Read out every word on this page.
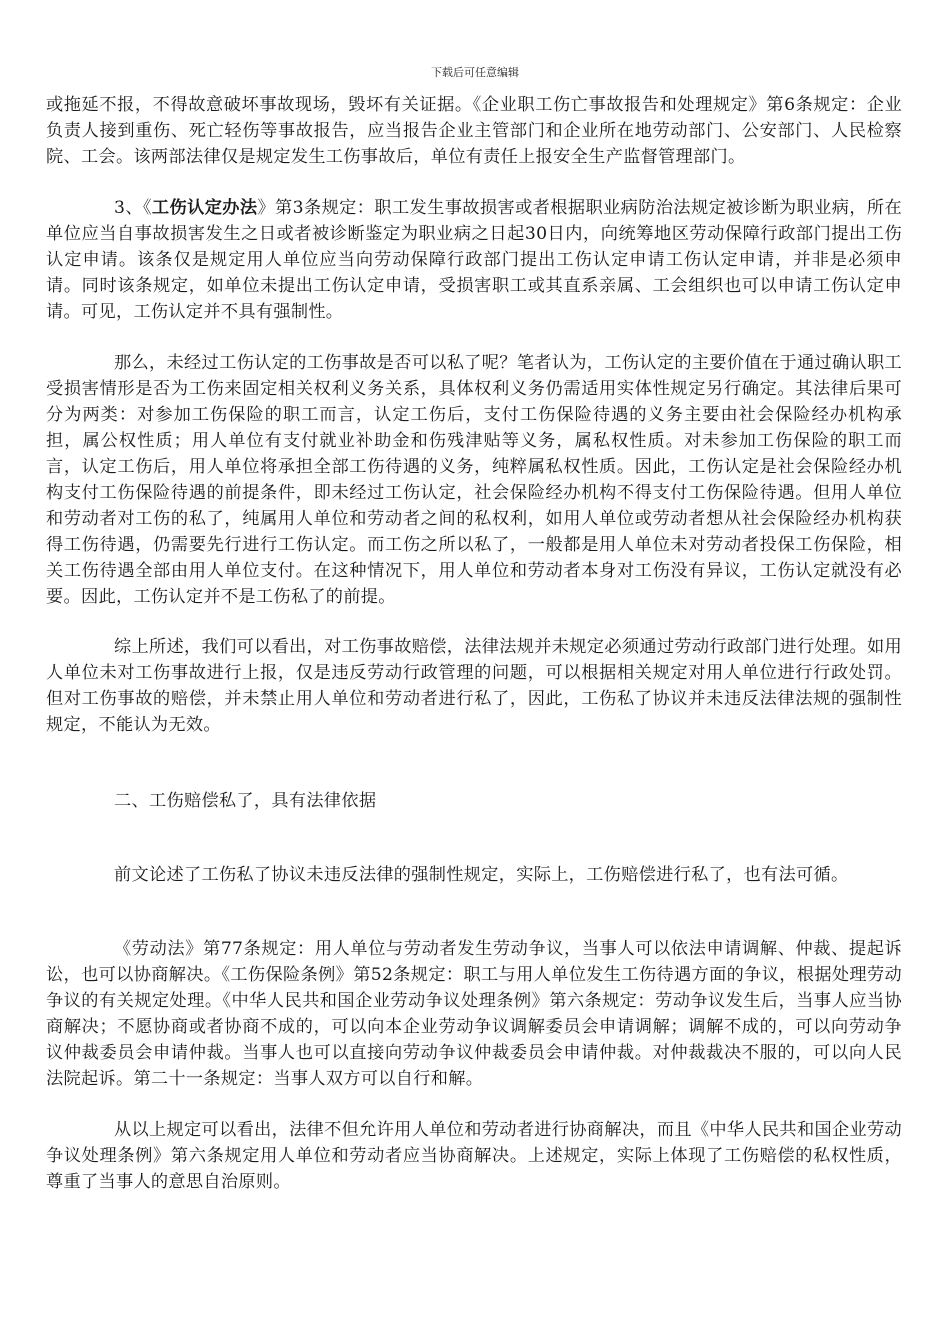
下载后可任意编辑

或拖延不报，不得故意破坏事故现场，毁坏有关证据。《企业职工伤亡事故报告和处理规定》第6条规定：企业负责人接到重伤、死亡轻伤等事故报告，应当报告企业主管部门和企业所在地劳动部门、公安部门、人民检察院、工会。该两部法律仅是规定发生工伤事故后，单位有责任上报安全生产监督管理部门。

3、《工伤认定办法》第3条规定：职工发生事故损害或者根据职业病防治法规定被诊断为职业病，所在单位应当自事故损害发生之日或者被诊断鉴定为职业病之日起30日内，向统筹地区劳动保障行政部门提出工伤认定申请。该条仅是规定用人单位应当向劳动保障行政部门提出工伤认定申请工伤认定申请，并非是必须申请。同时该条规定，如单位未提出工伤认定申请，受损害职工或其直系亲属、工会组织也可以申请工伤认定申请。可见，工伤认定并不具有强制性。

那么，未经过工伤认定的工伤事故是否可以私了呢？笔者认为，工伤认定的主要价值在于通过确认职工受损害情形是否为工伤来固定相关权利义务关系，具体权利义务仍需适用实体性规定另行确定。其法律后果可分为两类：对参加工伤保险的职工而言，认定工伤后，支付工伤保险待遇的义务主要由社会保险经办机构承担，属公权性质；用人单位有支付就业补助金和伤残津贴等义务，属私权性质。对未参加工伤保险的职工而言，认定工伤后，用人单位将承担全部工伤待遇的义务，纯粹属私权性质。因此，工伤认定是社会保险经办机构支付工伤保险待遇的前提条件，即未经过工伤认定，社会保险经办机构不得支付工伤保险待遇。但用人单位和劳动者对工伤的私了，纯属用人单位和劳动者之间的私权利，如用人单位或劳动者想从社会保险经办机构获得工伤待遇，仍需要先行进行工伤认定。而工伤之所以私了，一般都是用人单位未对劳动者投保工伤保险，相关工伤待遇全部由用人单位支付。在这种情况下，用人单位和劳动者本身对工伤没有异议，工伤认定就没有必要。因此，工伤认定并不是工伤私了的前提。

综上所述，我们可以看出，对工伤事故赔偿，法律法规并未规定必须通过劳动行政部门进行处理。如用人单位未对工伤事故进行上报，仅是违反劳动行政管理的问题，可以根据相关规定对用人单位进行行政处罚。但对工伤事故的赔偿，并未禁止用人单位和劳动者进行私了，因此，工伤私了协议并未违反法律法规的强制性规定，不能认为无效。

二、工伤赔偿私了，具有法律依据

前文论述了工伤私了协议未违反法律的强制性规定，实际上，工伤赔偿进行私了，也有法可循。

《劳动法》第77条规定：用人单位与劳动者发生劳动争议，当事人可以依法申请调解、仲裁、提起诉讼，也可以协商解决。《工伤保险条例》第52条规定：职工与用人单位发生工伤待遇方面的争议，根据处理劳动争议的有关规定处理。《中华人民共和国企业劳动争议处理条例》第六条规定：劳动争议发生后，当事人应当协商解决；不愿协商或者协商不成的，可以向本企业劳动争议调解委员会申请调解；调解不成的，可以向劳动争议仲裁委员会申请仲裁。当事人也可以直接向劳动争议仲裁委员会申请仲裁。对仲裁裁决不服的，可以向人民法院起诉。第二十一条规定：当事人双方可以自行和解。

从以上规定可以看出，法律不但允许用人单位和劳动者进行协商解决，而且《中华人民共和国企业劳动争议处理条例》第六条规定用人单位和劳动者应当协商解决。上述规定，实际上体现了工伤赔偿的私权性质，尊重了当事人的意思自治原则。
